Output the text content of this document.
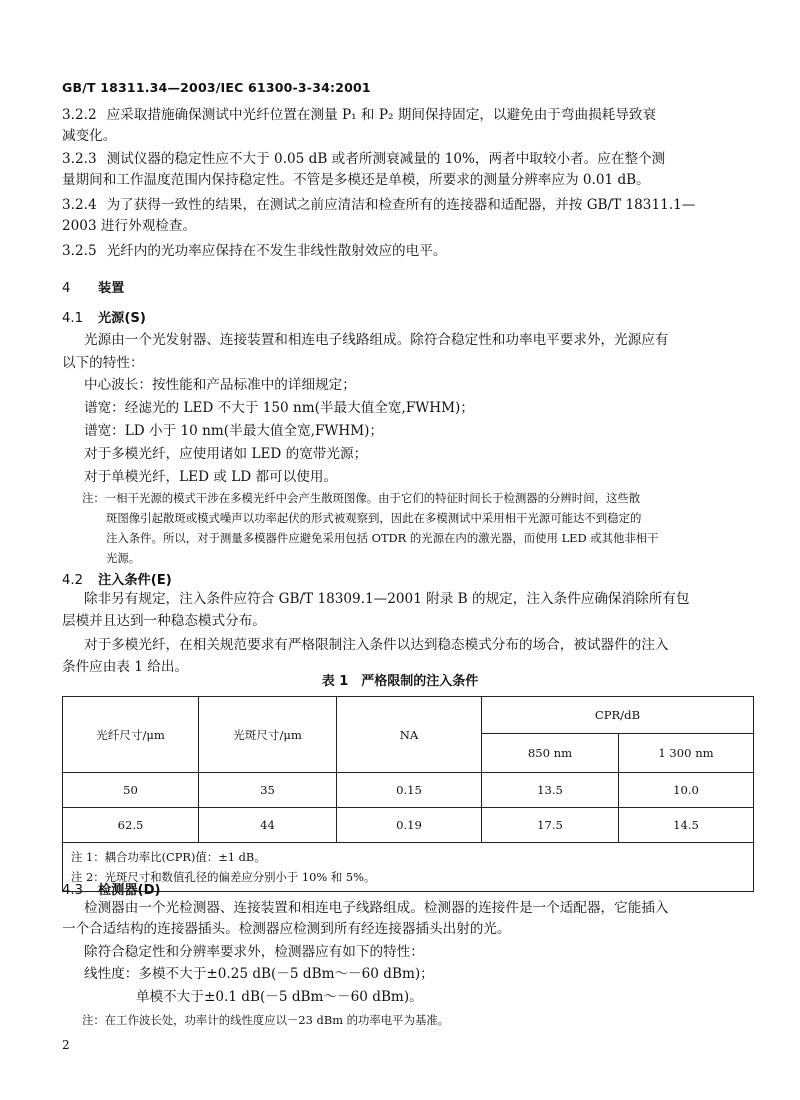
GB/T 18311.34—2003/IEC 61300-3-34:2001
3.2.2 应采取措施确保测试中光纤位置在测量 P₁ 和 P₂ 期间保持固定，以避免由于弯曲损耗导致衰
减变化。
3.2.3 测试仪器的稳定性应不大于 0.05 dB 或者所测衰减量的 10%，两者中取较小者。应在整个测
量期间和工作温度范围内保持稳定性。不管是多模还是单模，所要求的测量分辨率应为 0.01 dB。
3.2.4 为了获得一致性的结果，在测试之前应清洁和检查所有的连接器和适配器，并按 GB/T 18311.1—
2003 进行外观检查。
3.2.5 光纤内的光功率应保持在不发生非线性散射效应的电平。
4 装置
4.1 光源(S)
光源由一个光发射器、连接装置和相连电子线路组成。除符合稳定性和功率电平要求外，光源应有
以下的特性：
中心波长：按性能和产品标准中的详细规定；
谱宽：经滤光的 LED 不大于 150 nm(半最大值全宽,FWHM)；
谱宽：LD 小于 10 nm(半最大值全宽,FWHM)；
对于多模光纤，应使用诸如 LED 的宽带光源；
对于单模光纤，LED 或 LD 都可以使用。
注：一相干光源的模式干涉在多模光纤中会产生散斑图像。由于它们的特征时间长于检测器的分辨时间，这些散
斑图像引起散斑或模式噪声以功率起伏的形式被观察到，因此在多模测试中采用相干光源可能达不到稳定的
注入条件。所以，对于测量多模器件应避免采用包括 OTDR 的光源在内的激光器，而使用 LED 或其他非相干
光源。
4.2 注入条件(E)
除非另有规定，注入条件应符合 GB/T 18309.1—2001 附录 B 的规定，注入条件应确保消除所有包
层模并且达到一种稳态模式分布。
对于多模光纤，在相关规范要求有严格限制注入条件以达到稳态模式分布的场合，被试器件的注入
条件应由表 1 给出。
表 1　严格限制的注入条件
光纤尺寸/μm	光斑尺寸/μm	NA	CPR/dB	
			850 nm	1 300 nm
50	35	0.15	13.5	10.0
62.5	44	0.19	17.5	14.5

注 1：耦合功率比(CPR)值：±1 dB。
注 2：光斑尺寸和数值孔径的偏差应分别小于 10% 和 5%。				
4.3 检测器(D)
检测器由一个光检测器、连接装置和相连电子线路组成。检测器的连接件是一个适配器，它能插入
一个合适结构的连接器插头。检测器应检测到所有经连接器插头出射的光。
除符合稳定性和分辨率要求外，检测器应有如下的特性：
线性度：多模不大于±0.25 dB(－5 dBm～－60 dBm)；
单模不大于±0.1 dB(－5 dBm～－60 dBm)。
注：在工作波长处，功率计的线性度应以－23 dBm 的功率电平为基准。
2
